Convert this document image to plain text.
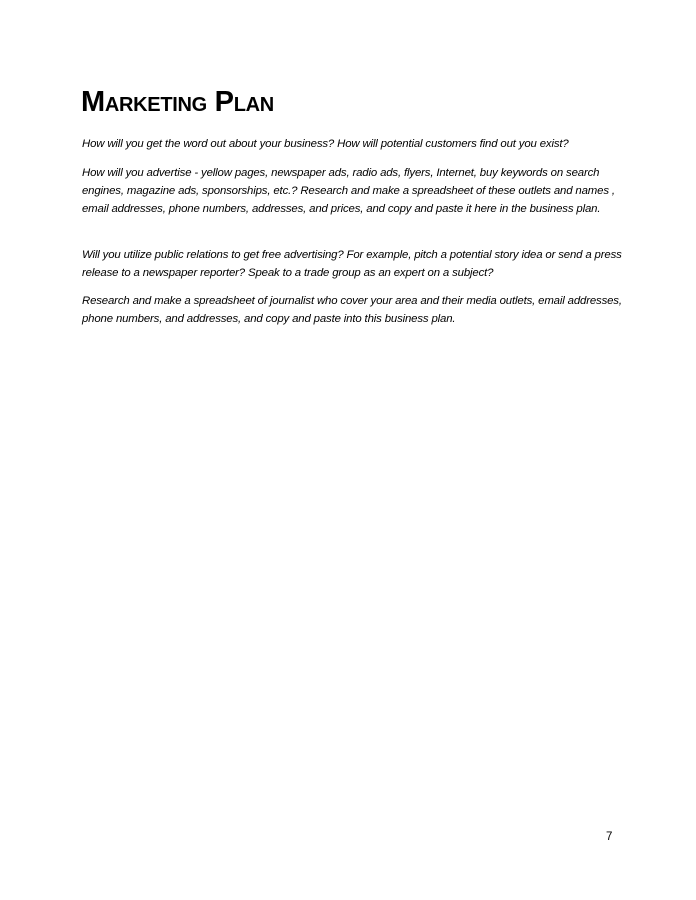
Marketing Plan

How will you get the word out about your business? How will potential customers find out you exist?

How will you advertise - yellow pages, newspaper ads, radio ads, flyers, Internet, buy keywords on search engines, magazine ads, sponsorships, etc.? Research and make a spreadsheet of these outlets and names , email addresses, phone numbers, addresses, and prices, and copy and paste it here in the business plan.

Will you utilize public relations to get free advertising? For example, pitch a potential story idea or send a press release to a newspaper reporter? Speak to a trade group as an expert on a subject?

Research and make a spreadsheet of journalist who cover your area and their media outlets, email addresses, phone numbers, and addresses, and copy and paste into this business plan.

7
